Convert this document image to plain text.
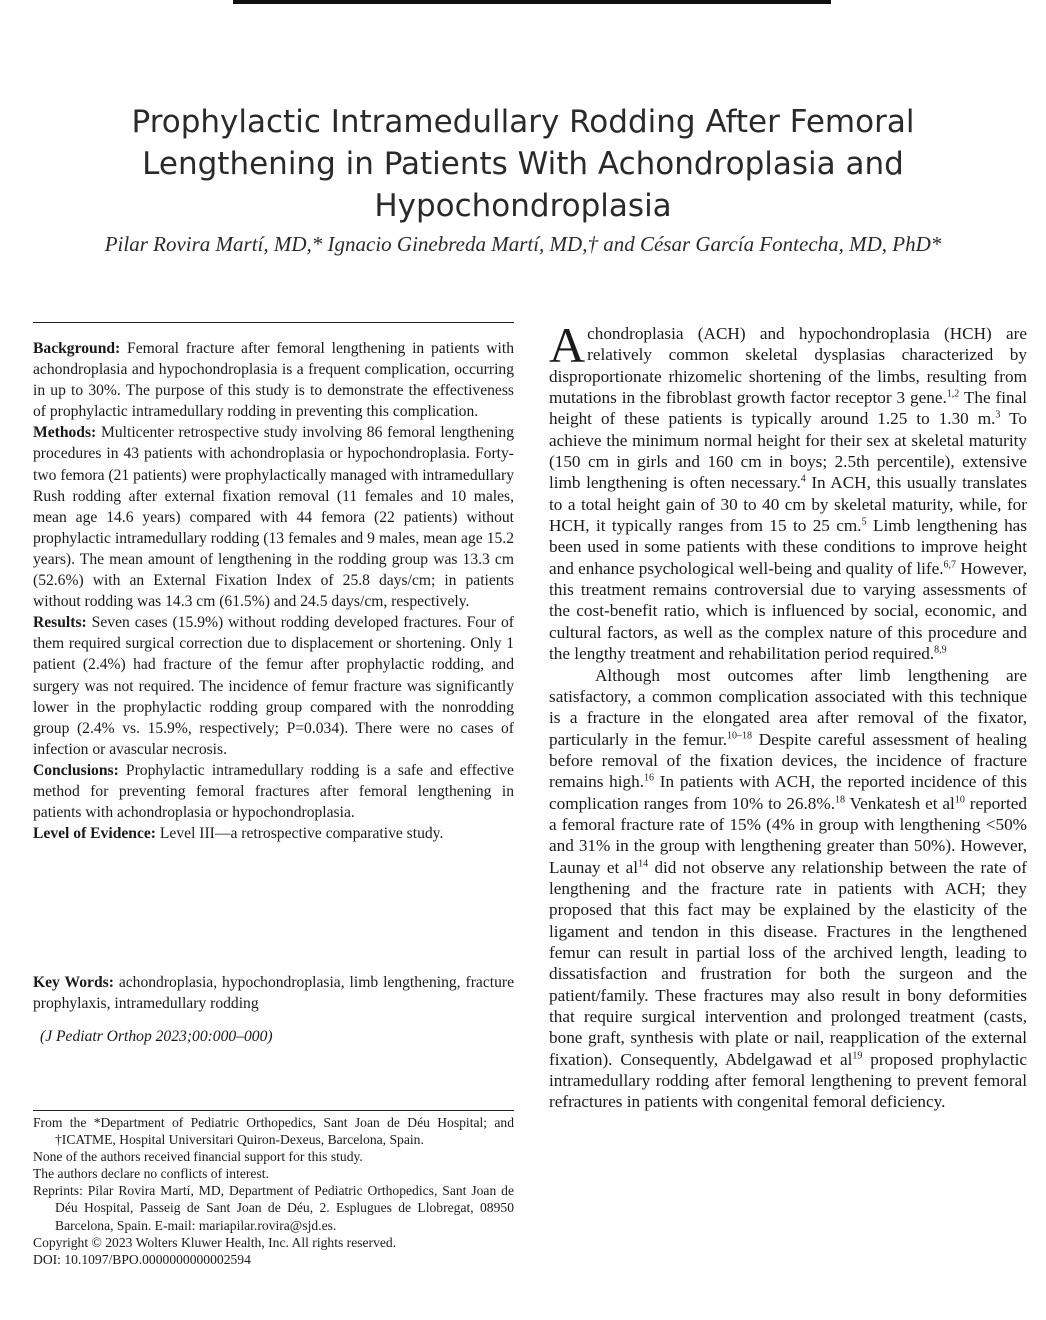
Prophylactic Intramedullary Rodding After Femoral
Lengthening in Patients With Achondroplasia and
Hypochondroplasia
Pilar Rovira Martí, MD,* Ignacio Ginebreda Martí, MD,† and César García Fontecha, MD, PhD*

Background: Femoral fracture after femoral lengthening in patients with achondroplasia and hypochondroplasia is a frequent complication, occurring in up to 30%. The purpose of this study is to demonstrate the effectiveness of prophylactic intramedullary rodding in preventing this complication.

Methods: Multicenter retrospective study involving 86 femoral lengthening procedures in 43 patients with achondroplasia or hypochondroplasia. Forty-two femora (21 patients) were prophylactically managed with intramedullary Rush rodding after external fixation removal (11 females and 10 males, mean age 14.6 years) compared with 44 femora (22 patients) without prophylactic intramedullary rodding (13 females and 9 males, mean age 15.2 years). The mean amount of lengthening in the rodding group was 13.3 cm (52.6%) with an External Fixation Index of 25.8 days/cm; in patients without rodding was 14.3 cm (61.5%) and 24.5 days/cm, respectively.

Results: Seven cases (15.9%) without rodding developed fractures. Four of them required surgical correction due to displacement or shortening. Only 1 patient (2.4%) had fracture of the femur after prophylactic rodding, and surgery was not required. The incidence of femur fracture was significantly lower in the prophylactic rodding group compared with the nonrodding group (2.4% vs. 15.9%, respectively; P=0.034). There were no cases of infection or avascular necrosis.

Conclusions: Prophylactic intramedullary rodding is a safe and effective method for preventing femoral fractures after femoral lengthening in patients with achondroplasia or hypochondroplasia.

Level of Evidence: Level III—a retrospective comparative study.

Key Words: achondroplasia, hypochondroplasia, limb lengthening, fracture prophylaxis, intramedullary rodding

(J Pediatr Orthop 2023;00:000–000)

From the *Department of Pediatric Orthopedics, Sant Joan de Déu Hospital; and †ICATME, Hospital Universitari Quiron-Dexeus, Barcelona, Spain.

None of the authors received financial support for this study.

The authors declare no conflicts of interest.

Reprints: Pilar Rovira Martí, MD, Department of Pediatric Orthopedics, Sant Joan de Déu Hospital, Passeig de Sant Joan de Déu, 2. Esplugues de Llobregat, 08950 Barcelona, Spain. E-mail: mariapilar.rovira@sjd.es.

Copyright © 2023 Wolters Kluwer Health, Inc. All rights reserved.

DOI: 10.1097/BPO.0000000000002594

Achondroplasia (ACH) and hypochondroplasia (HCH) are relatively common skeletal dysplasias characterized by disproportionate rhizomelic shortening of the limbs, resulting from mutations in the fibroblast growth factor receptor 3 gene.$^{1,2}$ The final height of these patients is typically around 1.25 to 1.30 m.$^3$ To achieve the minimum normal height for their sex at skeletal maturity (150 cm in girls and 160 cm in boys; 2.5th percentile), extensive limb lengthening is often necessary.$^4$ In ACH, this usually translates to a total height gain of 30 to 40 cm by skeletal maturity, while, for HCH, it typically ranges from 15 to 25 cm.$^5$ Limb lengthening has been used in some patients with these conditions to improve height and enhance psychological well-being and quality of life.$^{6,7}$ However, this treatment remains controversial due to varying assessments of the cost-benefit ratio, which is influenced by social, economic, and cultural factors, as well as the complex nature of this procedure and the lengthy treatment and rehabilitation period required.$^{8,9}$

Although most outcomes after limb lengthening are satisfactory, a common complication associated with this technique is a fracture in the elongated area after removal of the fixator, particularly in the femur.$^{10-18}$ Despite careful assessment of healing before removal of the fixation devices, the incidence of fracture remains high.$^{16}$ In patients with ACH, the reported incidence of this complication ranges from 10% to 26.8%.$^{18}$ Venkatesh et $al^{10}$ reported a femoral fracture rate of 15% (4% in group with lengthening <50% and 31% in the group with lengthening greater than 50%). However, Launay et $al^{14}$ did not observe any relationship between the rate of lengthening and the fracture rate in patients with ACH; they proposed that this fact may be explained by the elasticity of the ligament and tendon in this disease. Fractures in the lengthened femur can result in partial loss of the archived length, leading to dissatisfaction and frustration for both the surgeon and the patient/family. These fractures may also result in bony deformities that require surgical intervention and prolonged treatment (casts, bone graft, synthesis with plate or nail, reapplication of the external fixation). Consequently, Abdelgawad et $al^{19}$ proposed prophylactic intramedullary rodding after femoral lengthening to prevent femoral refractures in patients with congenital femoral deficiency.
